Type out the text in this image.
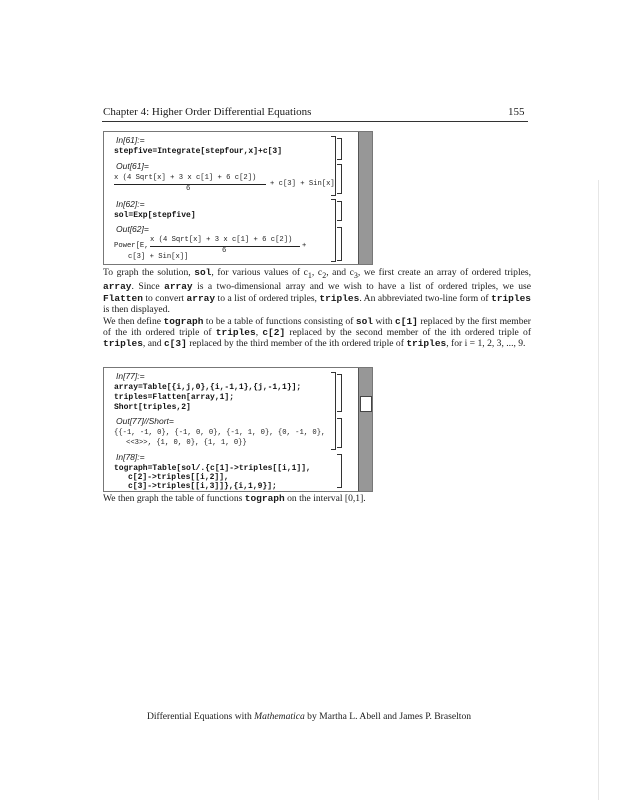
Chapter 4: Higher Order Differential Equations	155
In[61]:=
stepfive=Integrate[stepfour,x]+c[3]
Out[61]=
x (4 Sqrt[x] + 3 x c[1] + 6 c[2])
6
+ c[3] + Sin[x]
In[62]:=
sol=Exp[stepfive]
Out[62]=
Power[E,
x (4 Sqrt[x] + 3 x c[1] + 6 c[2])
6
+
c[3] + Sin[x]]

To graph the solution, sol, for various values of $c_1$, $c_2$, and $c_3$, we first create an array of ordered triples, array. Since array is a two-dimensional array and we wish to have a list of ordered triples, we use Flatten to convert array to a list of ordered triples, triples. An abbreviated two-line form of triples is then displayed.

We then define tograph to be a table of functions consisting of sol with c[1] replaced by the first member of the ith ordered triple of triples, c[2] replaced by the second member of the ith ordered triple of triples, and c[3] replaced by the third member of the ith ordered triple of triples, for i = 1, 2, 3, ..., 9.

In[77]:=
array=Table[{i,j,0},{i,-1,1},{j,-1,1}];
triples=Flatten[array,1];
Short[triples,2]
Out[77]//Short=
{{-1, -1, 0}, {-1, 0, 0}, {-1, 1, 0}, {0, -1, 0},
<<3>>, {1, 0, 0}, {1, 1, 0}}
In[78]:=
tograph=Table[sol/.{c[1]->triples[[i,1]],
c[2]->triples[[i,2]],
c[3]->triples[[i,3]]},{i,1,9}];

We then graph the table of functions tograph on the interval [0,1].

Differential Equations with Mathematica by Martha L. Abell and James P. Braselton
